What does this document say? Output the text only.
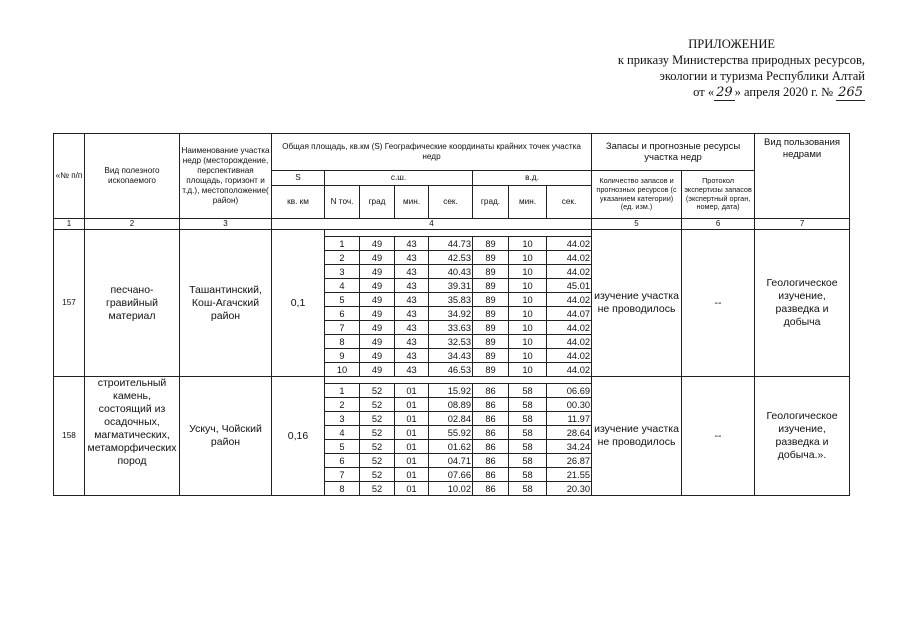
ПРИЛОЖЕНИЕ
к приказу Министерства природных ресурсов,
экологии и туризма Республики Алтай
от « 29 » апреля 2020 г. № 265
«№ п/п	Вид полезного ископаемого	Наименование участка недр (месторождение, перспективная площадь, горизонт и т.д.), местоположение( район)	Общая площадь, кв.км (S) Географические координаты крайних точек участка недр								Запасы и прогнозные ресурсы участка недр		Вид пользования недрами
			S	с.ш.				в.д.			Количество запасов и прогнозных ресурсов (с указанием категории) (ед. изм.)	Протокол экспертизы запасов (экспертный орган, номер, дата)	
			кв. км	N точ.	град	мин.	сек.	град.	мин.	сек.			
1	2	3	4								5	6	7
157	песчано-гравийный материал	Ташантинский, Кош-Агачский район	0,1								изучение участка не проводилось	--	Геологическое изучение, разведка и добыча
				1	49	43	44.73	89	10	44.02			
				2	49	43	42.53	89	10	44.02			
				3	49	43	40.43	89	10	44.02			
				4	49	43	39.31	89	10	45.01			
				5	49	43	35.83	89	10	44.02			
				6	49	43	34.92	89	10	44.07			
				7	49	43	33.63	89	10	44.02			
				8	49	43	32.53	89	10	44.02			
				9	49	43	34.43	89	10	44.02			
				10	49	43	46.53	89	10	44.02			
158	строительный камень, состоящий из осадочных, магматических, метаморфических пород	Ускуч, Чойский район	0,16								изучение участка не проводилось	--	Геологическое изучение, разведка и добыча.».
				1	52	01	15.92	86	58	06.69			
				2	52	01	08.89	86	58	00.30			
				3	52	01	02.84	86	58	11.97			
				4	52	01	55.92	86	58	28.64			
				5	52	01	01.62	86	58	34.24			
				6	52	01	04.71	86	58	26.87			
				7	52	01	07.66	86	58	21.55			
				8	52	01	10.02	86	58	20.30			
